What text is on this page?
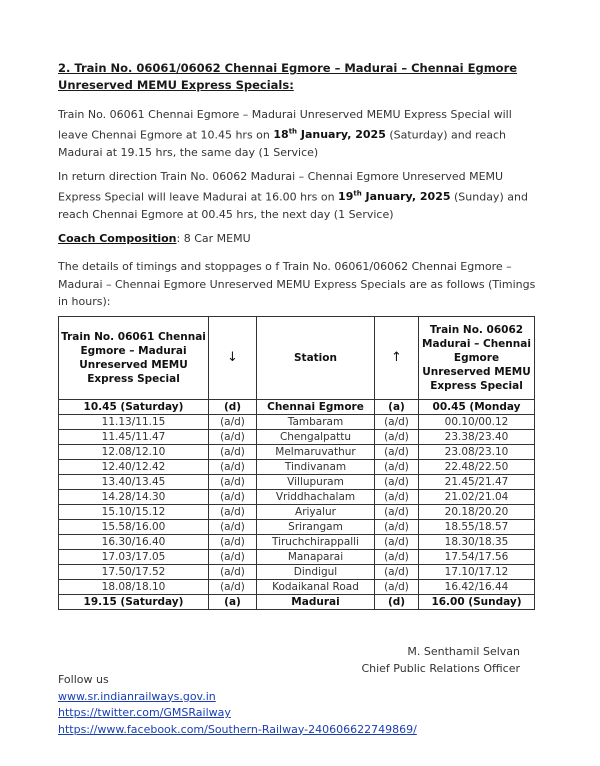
2. Train No. 06061/06062 Chennai Egmore – Madurai – Chennai Egmore Unreserved MEMU Express Specials:
Train No. 06061 Chennai Egmore – Madurai Unreserved MEMU Express Special will leave Chennai Egmore at 10.45 hrs on 18th January, 2025 (Saturday) and reach Madurai at 19.15 hrs, the same day (1 Service)
In return direction Train No. 06062 Madurai – Chennai Egmore Unreserved MEMU Express Special will leave Madurai at 16.00 hrs on 19th January, 2025 (Sunday) and reach Chennai Egmore at 00.45 hrs, the next day (1 Service)
Coach Composition: 8 Car MEMU
The details of timings and stoppages o f Train No. 06061/06062 Chennai Egmore – Madurai – Chennai Egmore Unreserved MEMU Express Specials are as follows (Timings in hours):
Train No. 06061 Chennai Egmore – Madurai Unreserved MEMU Express Special	↓	Station	↑	Train No. 06062 Madurai – Chennai Egmore Unreserved MEMU Express Special
10.45 (Saturday)	(d)	Chennai Egmore	(a)	00.45 (Monday
11.13/11.15	(a/d)	Tambaram	(a/d)	00.10/00.12
11.45/11.47	(a/d)	Chengalpattu	(a/d)	23.38/23.40
12.08/12.10	(a/d)	Melmaruvathur	(a/d)	23.08/23.10
12.40/12.42	(a/d)	Tindivanam	(a/d)	22.48/22.50
13.40/13.45	(a/d)	Villupuram	(a/d)	21.45/21.47
14.28/14.30	(a/d)	Vriddhachalam	(a/d)	21.02/21.04
15.10/15.12	(a/d)	Ariyalur	(a/d)	20.18/20.20
15.58/16.00	(a/d)	Srirangam	(a/d)	18.55/18.57
16.30/16.40	(a/d)	Tiruchchirappalli	(a/d)	18.30/18.35
17.03/17.05	(a/d)	Manaparai	(a/d)	17.54/17.56
17.50/17.52	(a/d)	Dindigul	(a/d)	17.10/17.12
18.08/18.10	(a/d)	Kodaikanal Road	(a/d)	16.42/16.44
19.15 (Saturday)	(a)	Madurai	(d)	16.00 (Sunday)
M. Senthamil Selvan
Chief Public Relations Officer
Follow us
www.sr.indianrailways.gov.in
https://twitter.com/GMSRailway
https://www.facebook.com/Southern-Railway-240606622749869/
